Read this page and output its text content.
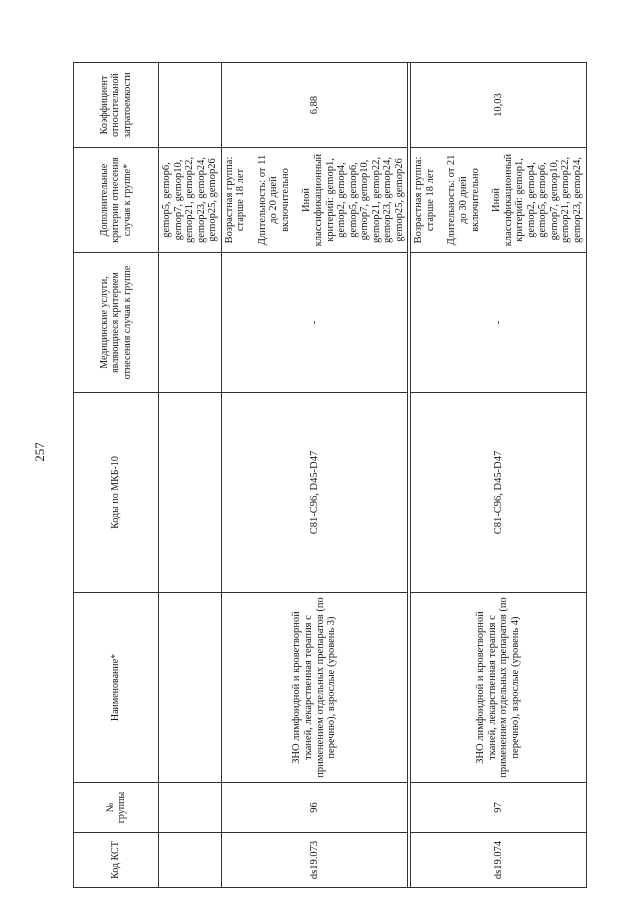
257
Код КСТ	№ группы	Наименование*	Коды по МКБ-10	Медицинские услуги, являющиеся критерием отнесения случая к группе	Дополнительные критерии отнесения случая к группе*	Коэффициент относительной затратоемкости
					gemop5, gemop6, gemop7, gemop10, gemop21, gemop22, gemop23, gemop24, gemop25, gemop26	
ds19.073	96	ЗНО лимфоидной и кроветворной тканей, лекарственная терапия с применением отдельных препаратов (по перечню), взрослые (уровень 3)	C81-C96, D45-D47	-	Возрастная группа: старше 18 лет Длительность: от 11 до 20 дней включительно Иной классификационный критерий: gemop1, gemop2, gemop4, gemop5, gemop6, gemop7, gemop10, gemop21, gemop22, gemop23, gemop24, gemop25, gemop26	6,88

ds19.074	97	ЗНО лимфоидной и кроветворной тканей, лекарственная терапия с применением отдельных препаратов (по перечню), взрослые (уровень 4)	C81-C96, D45-D47	-	Возрастная группа: старше 18 лет Длительность: от 21 до 30 дней включительно Иной классификационный критерий: gemop1, gemop2, gemop4, gemop5, gemop6, gemop7, gemop10, gemop21, gemop22, gemop23, gemop24,	10,03
